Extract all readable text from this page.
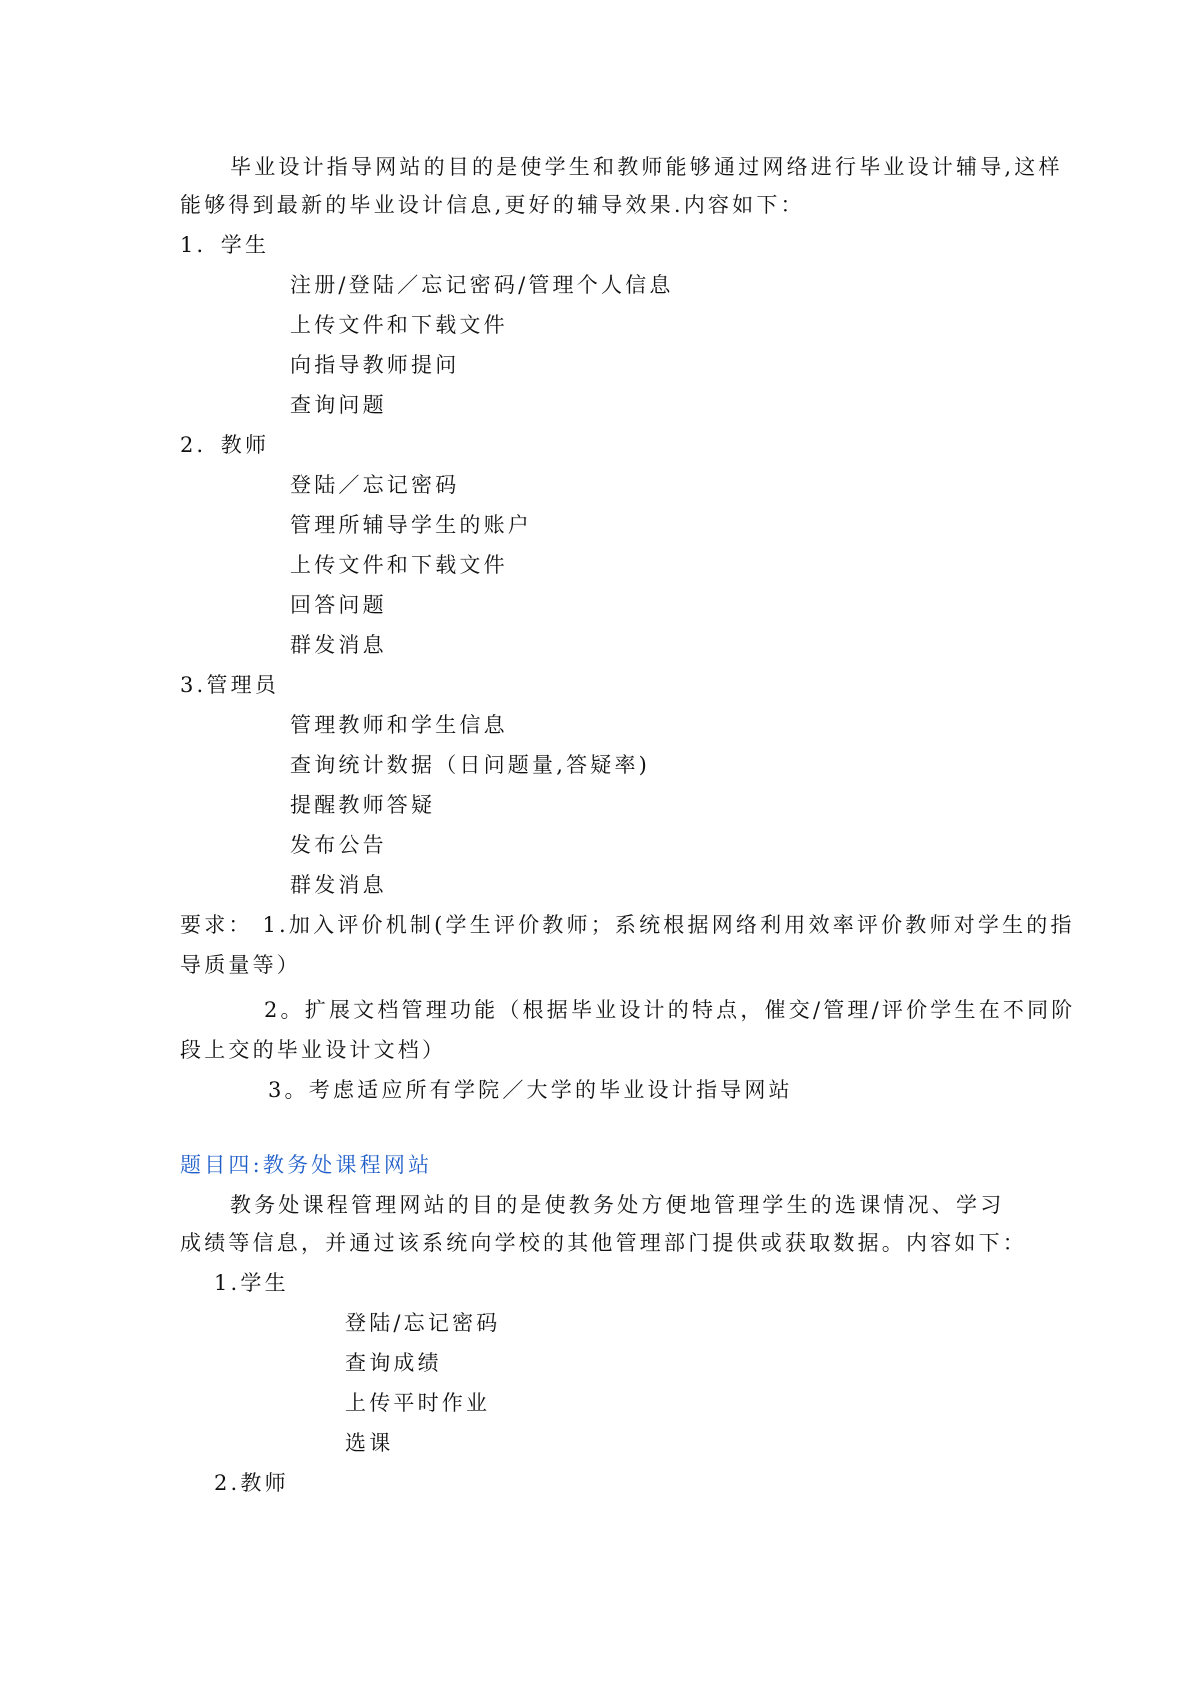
毕业设计指导网站的目的是使学生和教师能够通过网络进行毕业设计辅导,这样
能够得到最新的毕业设计信息,更好的辅导效果.内容如下：
1．学生
注册/登陆／忘记密码/管理个人信息
上传文件和下载文件
向指导教师提问
查询问题
2．教师
登陆／忘记密码
管理所辅导学生的账户
上传文件和下载文件
回答问题
群发消息
3.管理员
管理教师和学生信息
查询统计数据（日问题量,答疑率)
提醒教师答疑
发布公告
群发消息
要求： 1.加入评价机制(学生评价教师；系统根据网络利用效率评价教师对学生的指
导质量等）
2。扩展文档管理功能（根据毕业设计的特点，催交/管理/评价学生在不同阶
段上交的毕业设计文档）
3。考虑适应所有学院／大学的毕业设计指导网站
题目四:教务处课程网站
教务处课程管理网站的目的是使教务处方便地管理学生的选课情况、学习
成绩等信息，并通过该系统向学校的其他管理部门提供或获取数据。内容如下：
1.学生
登陆/忘记密码
查询成绩
上传平时作业
选课
2.教师
